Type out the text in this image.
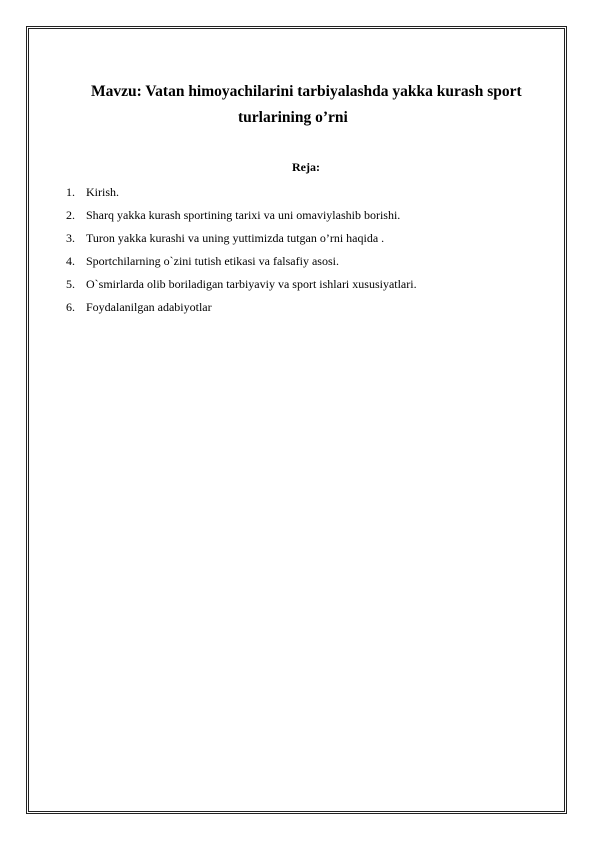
Mavzu: Vatan himoyachilarini tarbiyalashda yakka kurash sport
turlarining o’rni
Reja:
1. Kirish.
2. Sharq yakka kurash sportining tarixi va uni omaviylashib borishi.
3. Turon yakka kurashi va uning yuttimizda tutgan o’rni haqida .
4. Sportchilarning o`zini tutish etikasi va falsafiy asosi.
5. O`smirlarda olib boriladigan tarbiyaviy va sport ishlari xususiyatlari.
6. Foydalanilgan adabiyotlar
